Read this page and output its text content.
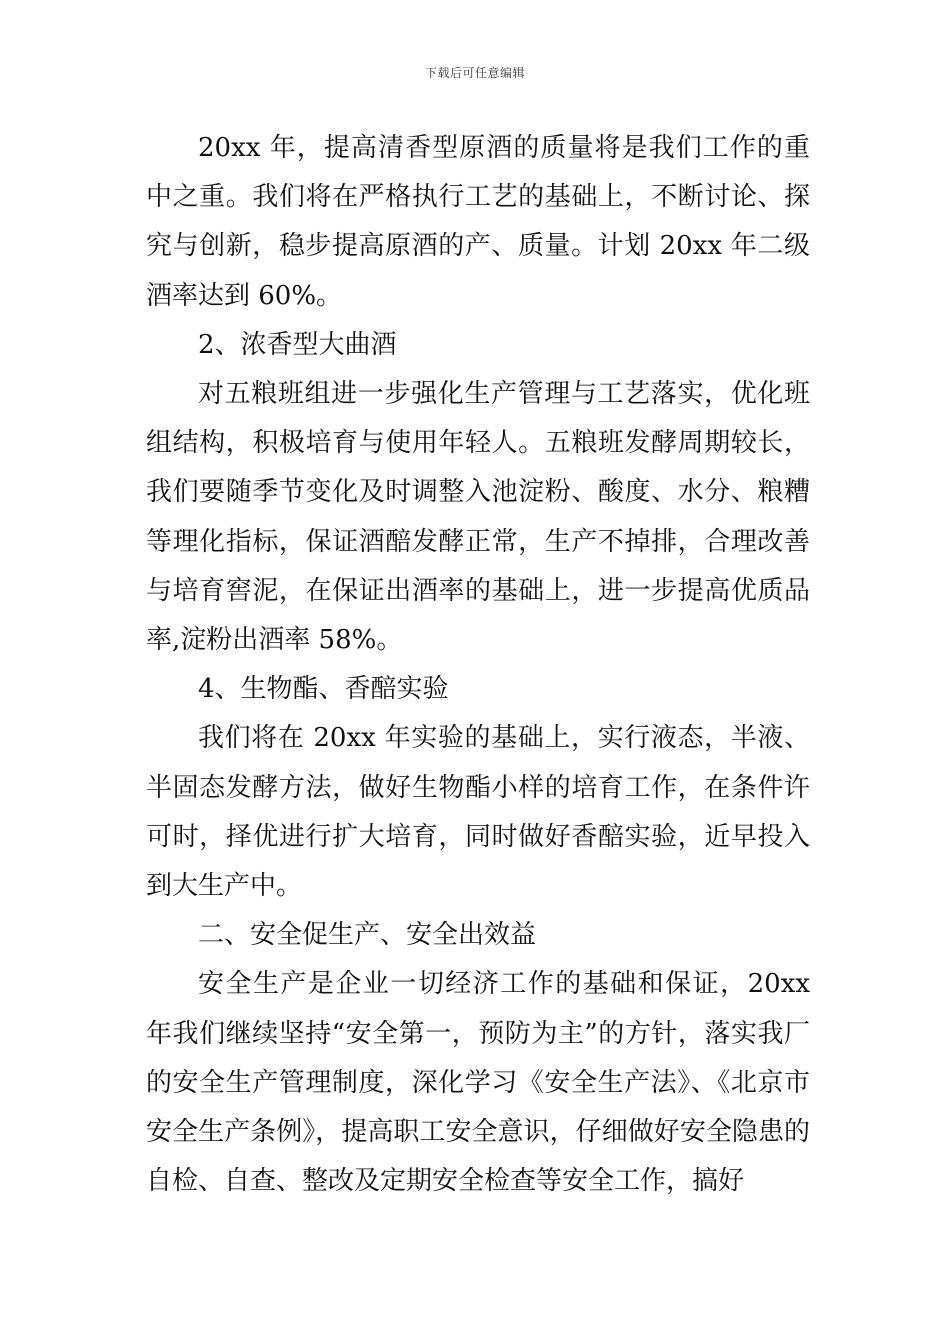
下载后可任意编辑

20xx 年，提高清香型原酒的质量将是我们工作的重中之重。我们将在严格执行工艺的基础上，不断讨论、探究与创新，稳步提高原酒的产、质量。计划 20xx 年二级酒率达到 60%。

2、浓香型大曲酒

对五粮班组进一步强化生产管理与工艺落实，优化班组结构，积极培育与使用年轻人。五粮班发酵周期较长，我们要随季节变化及时调整入池淀粉、酸度、水分、粮糟等理化指标，保证酒醅发酵正常，生产不掉排，合理改善与培育窖泥，在保证出酒率的基础上，进一步提高优质品率,淀粉出酒率 58%。

4、生物酯、香醅实验

我们将在 20xx 年实验的基础上，实行液态，半液、半固态发酵方法，做好生物酯小样的培育工作，在条件许可时，择优进行扩大培育，同时做好香醅实验，近早投入到大生产中。

二、安全促生产、安全出效益

安全生产是企业一切经济工作的基础和保证，20xx 年我们继续坚持“安全第一，预防为主”的方针，落实我厂的安全生产管理制度，深化学习《安全生产法》、《北京市安全生产条例》，提高职工安全意识，仔细做好安全隐患的自检、自查、整改及定期安全检查等安全工作，搞好
